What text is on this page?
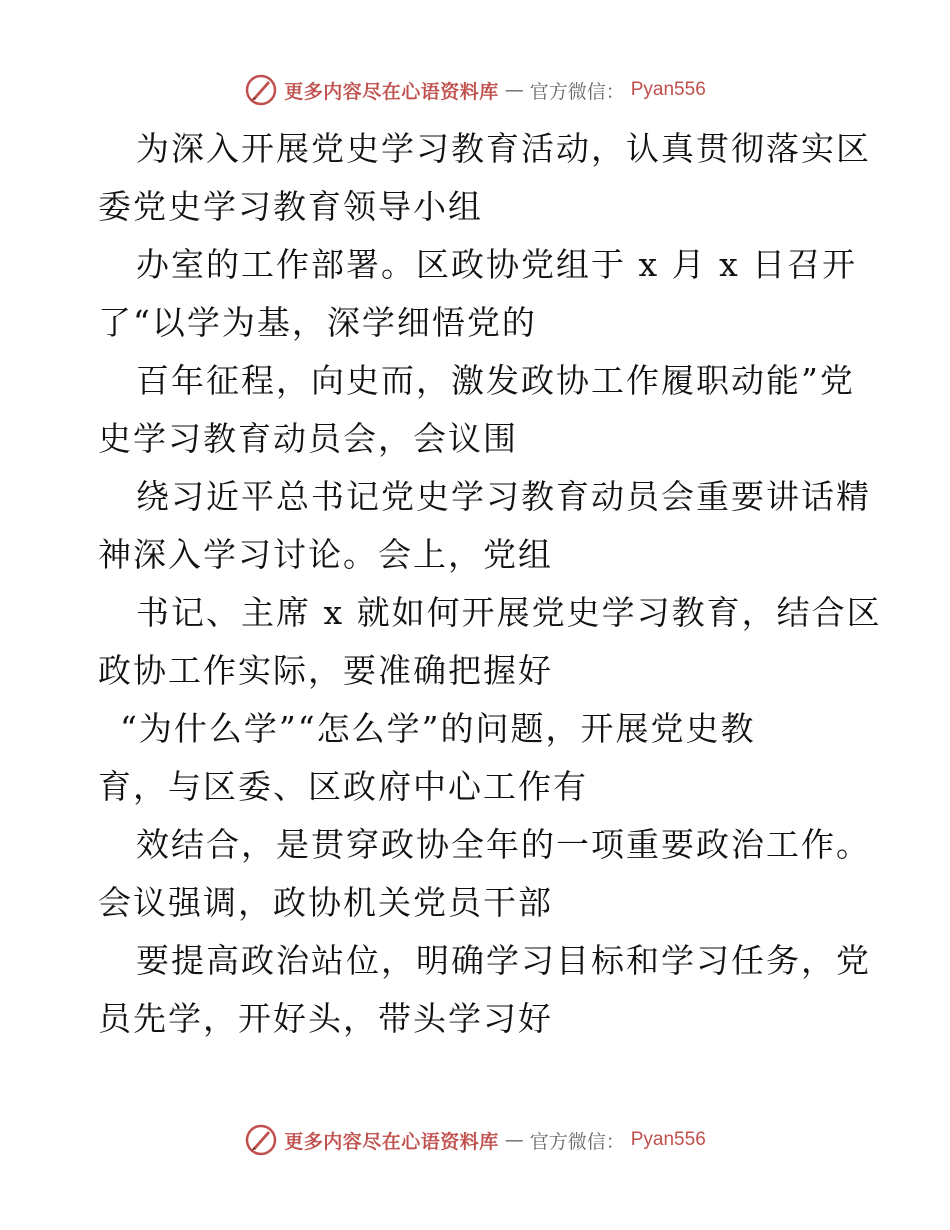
更多内容尽在心语资料库 — 官方微信： Pyan556
为深入开展党史学习教育活动，认真贯彻落实区
委党史学习教育领导小组
办室的工作部署。区政协党组于 x 月 x 日召开
了“以学为基，深学细悟党的
百年征程，向史而，激发政协工作履职动能”党
史学习教育动员会，会议围
绕习近平总书记党史学习教育动员会重要讲话精
神深入学习讨论。会上，党组
书记、主席 x 就如何开展党史学习教育，结合区
政协工作实际，要准确把握好
“为什么学”“怎么学”的问题，开展党史教
育，与区委、区政府中心工作有
效结合，是贯穿政协全年的一项重要政治工作。
会议强调，政协机关党员干部
要提高政治站位，明确学习目标和学习任务，党
员先学，开好头，带头学习好
更多内容尽在心语资料库 — 官方微信： Pyan556
